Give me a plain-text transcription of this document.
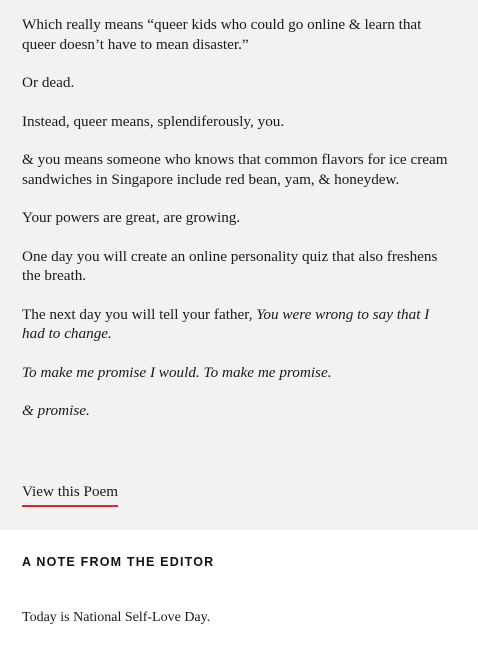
Which really means “queer kids who could go online & learn that queer doesn’t have to mean disaster.”

Or dead.

Instead, queer means, splendiferously, you.

& you means someone who knows that common flavors for ice cream sandwiches in Singapore include red bean, yam, & honeydew.

Your powers are great, are growing.

One day you will create an online personality quiz that also freshens the breath.

The next day you will tell your father, You were wrong to say that I had to change.

To make me promise I would. To make me promise.

& promise.

View this Poem
A NOTE FROM THE EDITOR

Today is National Self-Love Day.
